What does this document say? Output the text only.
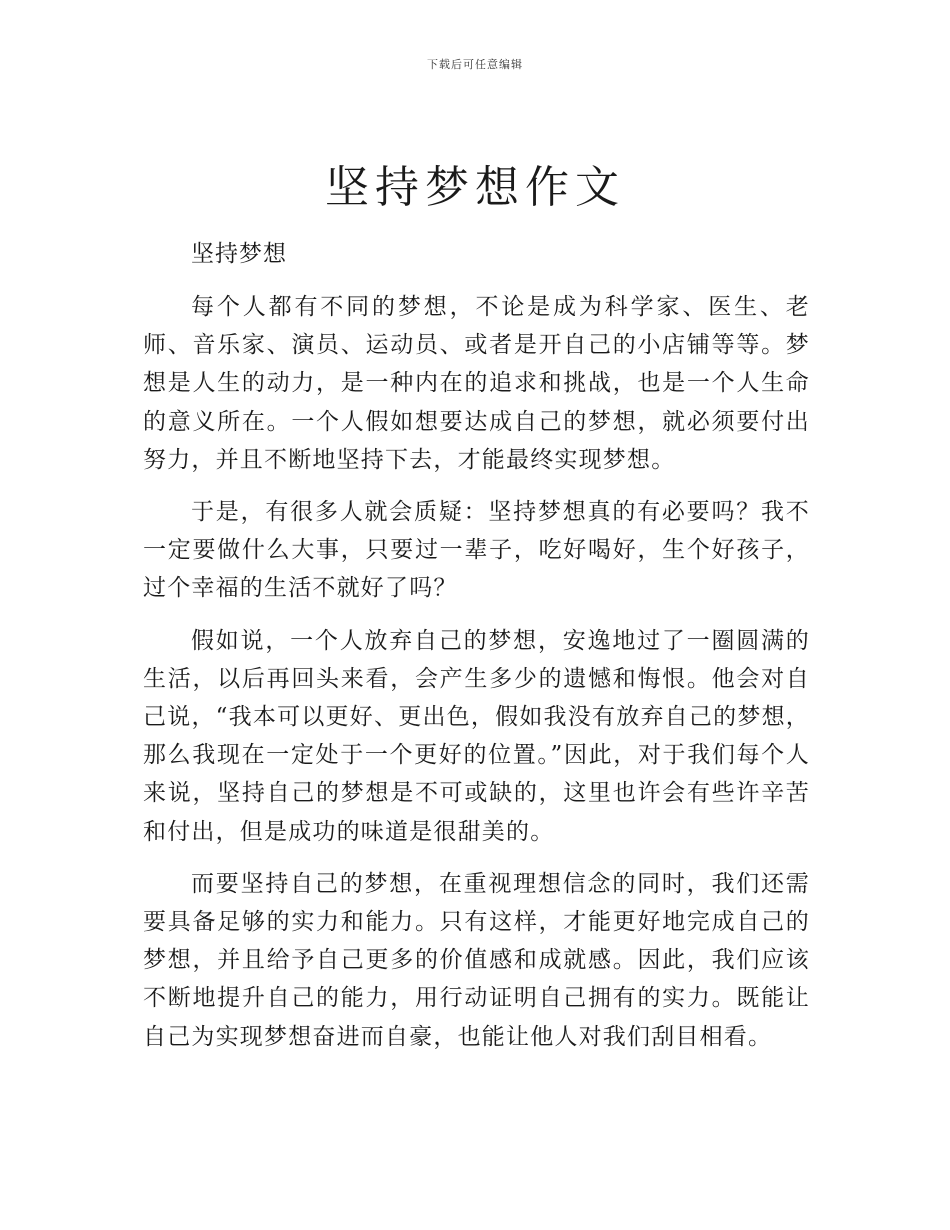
下载后可任意编辑
坚持梦想作文

坚持梦想

每个人都有不同的梦想，不论是成为科学家、医生、老师、音乐家、演员、运动员、或者是开自己的小店铺等等。梦想是人生的动力，是一种内在的追求和挑战，也是一个人生命的意义所在。一个人假如想要达成自己的梦想，就必须要付出努力，并且不断地坚持下去，才能最终实现梦想。

于是，有很多人就会质疑：坚持梦想真的有必要吗？我不一定要做什么大事，只要过一辈子，吃好喝好，生个好孩子，过个幸福的生活不就好了吗？

假如说，一个人放弃自己的梦想，安逸地过了一圈圆满的生活，以后再回头来看，会产生多少的遗憾和悔恨。他会对自己说，“我本可以更好、更出色，假如我没有放弃自己的梦想，那么我现在一定处于一个更好的位置。”因此，对于我们每个人来说，坚持自己的梦想是不可或缺的，这里也许会有些许辛苦和付出，但是成功的味道是很甜美的。

而要坚持自己的梦想，在重视理想信念的同时，我们还需要具备足够的实力和能力。只有这样，才能更好地完成自己的梦想，并且给予自己更多的价值感和成就感。因此，我们应该不断地提升自己的能力，用行动证明自己拥有的实力。既能让自己为实现梦想奋进而自豪，也能让他人对我们刮目相看。
